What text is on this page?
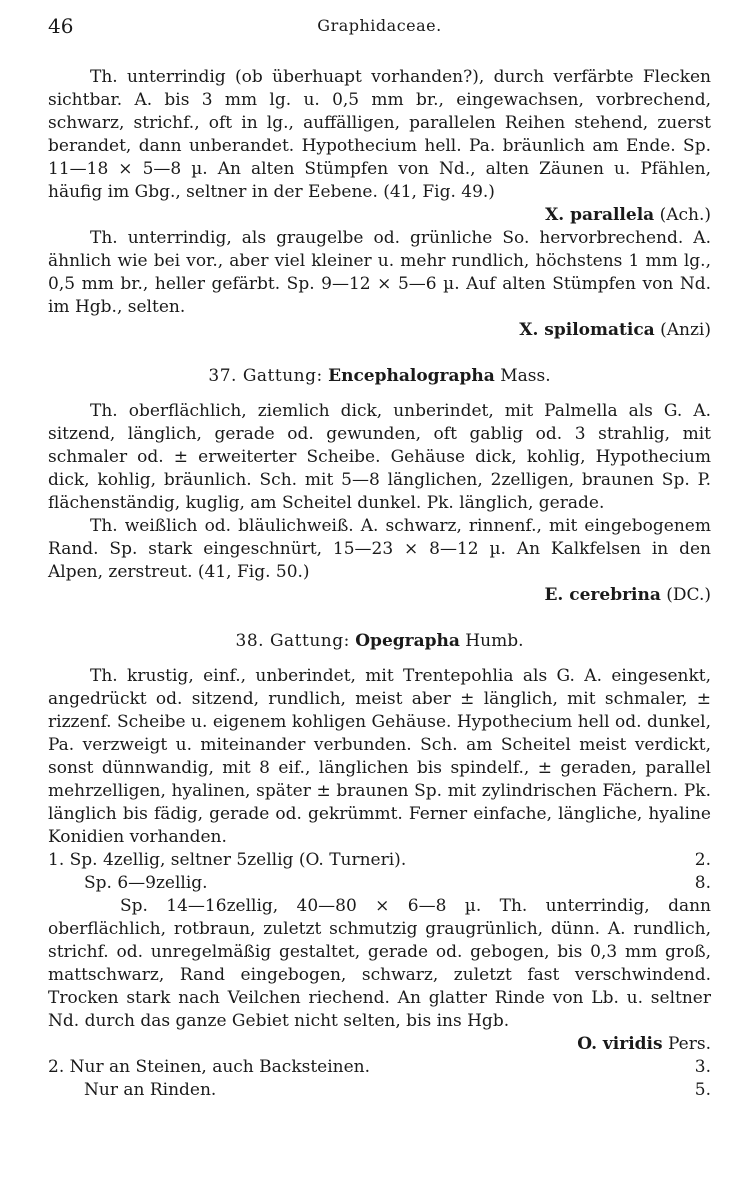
46	Graphidaceae.

Th. unterrindig (ob überhuapt vorhanden?), durch verfärbte Flecken sichtbar. A. bis 3 mm lg. u. 0,5 mm br., eingewachsen, vorbrechend, schwarz, strichf., oft in lg., auffälligen, parallelen Reihen stehend, zuerst berandet, dann unberandet. Hypothecium hell. Pa. bräunlich am Ende. Sp. 11—18 × 5—8 µ. An alten Stümpfen von Nd., alten Zäunen u. Pfählen, häufig im Gbg., seltner in der Eebene. (41, Fig. 49.)

X. parallela (Ach.)

Th. unterrindig, als graugelbe od. grünliche So. hervorbrechend. A. ähnlich wie bei vor., aber viel kleiner u. mehr rundlich, höchstens 1 mm lg., 0,5 mm br., heller gefärbt. Sp. 9—12 × 5—6 µ. Auf alten Stümpfen von Nd. im Hgb., selten.

X. spilomatica (Anzi)

37. Gattung: Encephalographa Mass.

Th. oberflächlich, ziemlich dick, unberindet, mit Palmella als G. A. sitzend, länglich, gerade od. gewunden, oft gablig od. 3 strahlig, mit schmaler od. ± erweiterter Scheibe. Gehäuse dick, kohlig, Hypothecium dick, kohlig, bräunlich. Sch. mit 5—8 länglichen, 2zelligen, braunen Sp. P. flächenständig, kuglig, am Scheitel dunkel. Pk. länglich, gerade.

Th. weißlich od. bläulichweiß. A. schwarz, rinnenf., mit eingebogenem Rand. Sp. stark eingeschnürt, 15—23 × 8—12 µ. An Kalkfelsen in den Alpen, zerstreut. (41, Fig. 50.)

E. cerebrina (DC.)

38. Gattung: Opegrapha Humb.

Th. krustig, einf., unberindet, mit Trentepohlia als G. A. eingesenkt, angedrückt od. sitzend, rundlich, meist aber ± länglich, mit schmaler, ± rizzenf. Scheibe u. eigenem kohligen Gehäuse. Hypothecium hell od. dunkel, Pa. verzweigt u. miteinander verbunden. Sch. am Scheitel meist verdickt, sonst dünnwandig, mit 8 eif., länglichen bis spindelf., ± geraden, parallel mehrzelligen, hyalinen, später ± braunen Sp. mit zylindrischen Fächern. Pk. länglich bis fädig, gerade od. gekrümmt. Ferner einfache, längliche, hyaline Konidien vorhanden.

1. Sp. 4zellig, seltner 5zellig (O. Turneri).	2.
Sp. 6—9zellig.	8.

Sp. 14—16zellig, 40—80 × 6—8 µ. Th. unterrindig, dann oberflächlich, rotbraun, zuletzt schmutzig graugrünlich, dünn. A. rundlich, strichf. od. unregelmäßig gestaltet, gerade od. gebogen, bis 0,3 mm groß, mattschwarz, Rand eingebogen, schwarz, zuletzt fast verschwindend. Trocken stark nach Veilchen riechend. An glatter Rinde von Lb. u. seltner Nd. durch das ganze Gebiet nicht selten, bis ins Hgb.

O. viridis Pers.

2. Nur an Steinen, auch Backsteinen.	3.
Nur an Rinden.	5.
